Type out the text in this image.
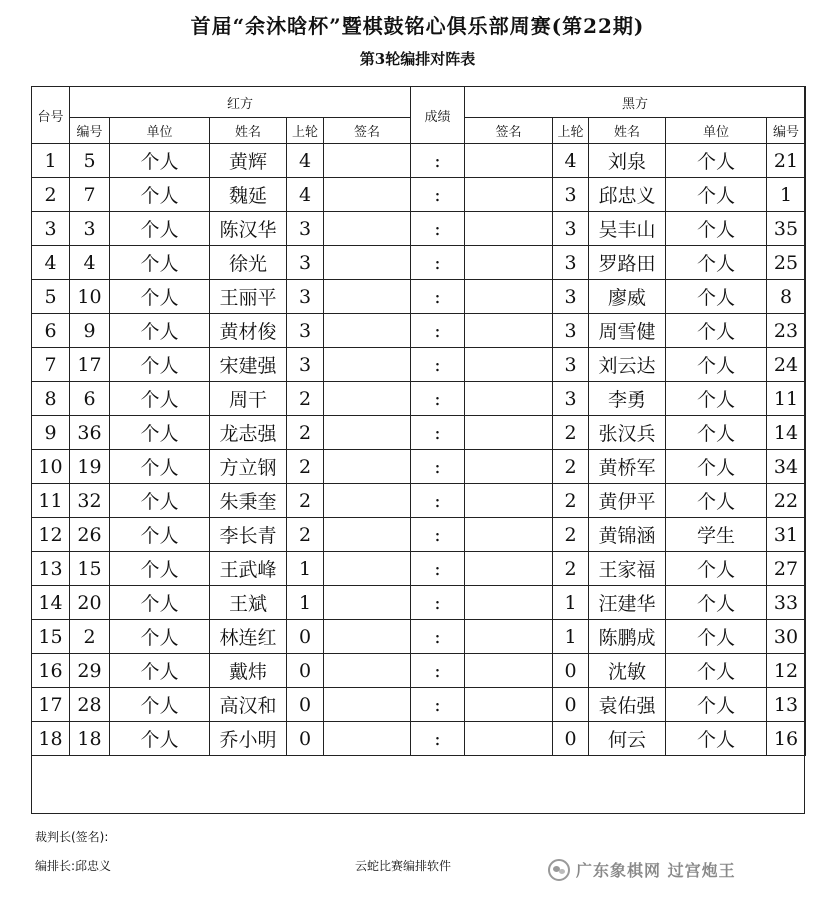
首届“余沐晗杯”暨棋鼓铭心俱乐部周赛(第22期)
第3轮编排对阵表
台号	红方					成绩	黑方				
	编号	单位	姓名	上轮	签名		签名	上轮	姓名	单位	编号
1	5	个人	黄辉	4		:		4	刘泉	个人	21
2	7	个人	魏延	4		:		3	邱忠义	个人	1
3	3	个人	陈汉华	3		:		3	吴丰山	个人	35
4	4	个人	徐光	3		:		3	罗路田	个人	25
5	10	个人	王丽平	3		:		3	廖威	个人	8
6	9	个人	黄材俊	3		:		3	周雪健	个人	23
7	17	个人	宋建强	3		:		3	刘云达	个人	24
8	6	个人	周干	2		:		3	李勇	个人	11
9	36	个人	龙志强	2		:		2	张汉兵	个人	14
10	19	个人	方立钢	2		:		2	黄桥军	个人	34
11	32	个人	朱秉奎	2		:		2	黄伊平	个人	22
12	26	个人	李长青	2		:		2	黄锦涵	学生	31
13	15	个人	王武峰	1		:		2	王家福	个人	27
14	20	个人	王斌	1		:		1	汪建华	个人	33
15	2	个人	林连红	0		:		1	陈鹏成	个人	30
16	29	个人	戴炜	0		:		0	沈敏	个人	12
17	28	个人	高汉和	0		:		0	袁佑强	个人	13
18	18	个人	乔小明	0		:		0	何云	个人	16

裁判长(签名):
编排长:邱忠义	云蛇比赛编排软件	广东象棋网 过宫炮王
